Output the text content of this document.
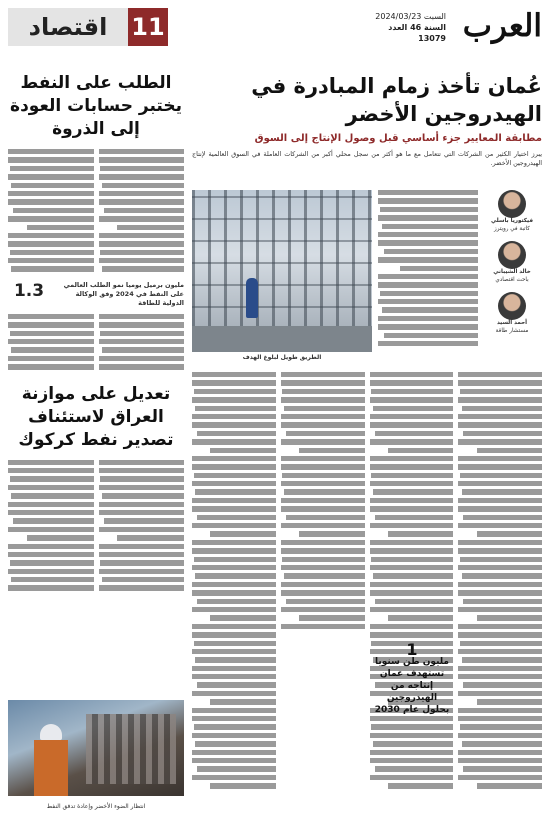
العرب
السبت 2024/03/23
السنة 46 العدد 13079
11
اقتصاد
الطلب على النفط يختبر حسابات العودة إلى الذروة
مليون برميل يوميا نمو الطلب العالمي على النفط في 2024 وفق الوكالة الدولية للطاقة
1.3
تعديل على موازنة العراق لاستئناف تصدير نفط كركوك
انتظار الضوء الأخضر وإعادة تدفق النفط
عُمان تأخذ زمام المبادرة في الهيدروجين الأخضر
مطابقة المعايير جزء أساسي قبل وصول الإنتاج إلى السوق
يبرز اختيار الكثير من الشركات التي تتعامل مع ما هو أكثر من سجل محلي أكبر من الشركات العاملة في السوق العالمية لإنتاج الهيدروجين الأخضر.
الطريق طويل لبلوغ الهدف
فيكتوريا باسلي
كاتبة في رويترز
خالد الشيباني
باحث اقتصادي
أحمد السيد
مستشار طاقة
1
مليون طن سنويا تستهدف عمان إنتاجه من الهيدروجين بحلول عام 2030
